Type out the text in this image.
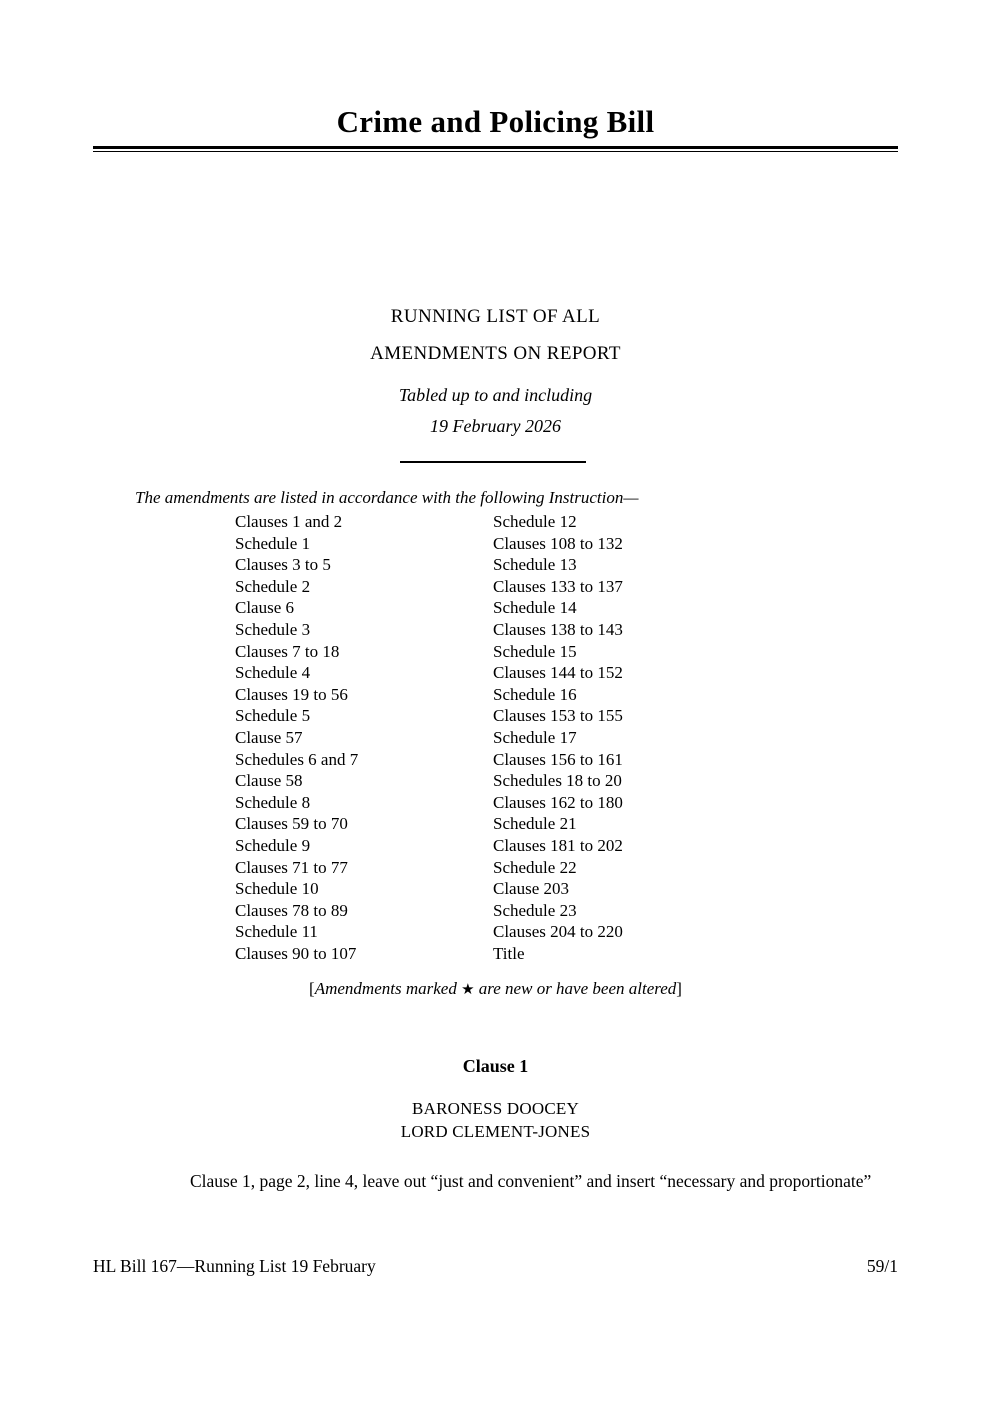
Crime and Policing Bill
RUNNING LIST OF ALL
AMENDMENTS ON REPORT
Tabled up to and including
19 February 2026
The amendments are listed in accordance with the following Instruction—
Clauses 1 and 2
Schedule 1
Clauses 3 to 5
Schedule 2
Clause 6
Schedule 3
Clauses 7 to 18
Schedule 4
Clauses 19 to 56
Schedule 5
Clause 57
Schedules 6 and 7
Clause 58
Schedule 8
Clauses 59 to 70
Schedule 9
Clauses 71 to 77
Schedule 10
Clauses 78 to 89
Schedule 11
Clauses 90 to 107
Schedule 12
Clauses 108 to 132
Schedule 13
Clauses 133 to 137
Schedule 14
Clauses 138 to 143
Schedule 15
Clauses 144 to 152
Schedule 16
Clauses 153 to 155
Schedule 17
Clauses 156 to 161
Schedules 18 to 20
Clauses 162 to 180
Schedule 21
Clauses 181 to 202
Schedule 22
Clause 203
Schedule 23
Clauses 204 to 220
Title
[Amendments marked ★ are new or have been altered]
Clause 1
BARONESS DOOCEY
LORD CLEMENT-JONES

Clause 1, page 2, line 4, leave out “just and convenient” and insert “necessary and proportionate”

HL Bill 167—Running List 19 February	59/1
